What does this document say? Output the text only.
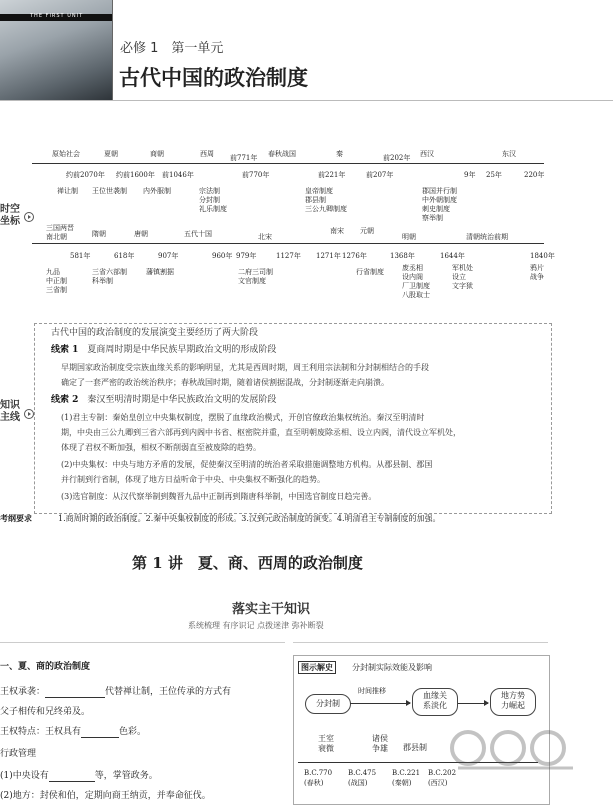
THE FIRST UNIT
必修 1　第一单元
古代中国的政治制度
时空
坐标
原始社会	夏朝	商朝	西周	春秋战国	秦	西汉	东汉
约前2070年 约前1600年 前1046年
前771年
前770年	前221年	前207年
前202年
9年 25年	220年
禅让制 王位世袭制 内外服制	宗法制
分封制
礼乐制度
皇帝制度
郡县制
三公九卿制度
郡国并行制
中外朝制度
刺史制度
察举制
三国两晋
南北朝	隋朝	唐朝	五代十国	北宋
南宋 元朝
明朝	清朝统治前期
581年	618年	907年	960年 979年	1127年 1271年 1276年	1368年	1644年	1840年
九品
中正制
三省制
三省六部制
科举制
藩镇割据	二府三司制
文官制度
行省制度	废丞相
设内阁
厂卫制度
八股取士
军机处
设立
文字狱
鸦片
战争
知识
主线
古代中国的政治制度的发展演变主要经历了两大阶段
线索 1　 夏商周时期是中华民族早期政治文明的形成阶段
早期国家政治制度受宗族血缘关系的影响明显，尤其是西周时期，周王利用宗法制和分封制相结合的手段
确定了一套严密的政治统治秩序；春秋战国时期，随着诸侯割据混战，分封制逐渐走向崩溃。
线索 2　 秦汉至明清时期是中华民族政治文明的发展阶段
(1)君主专制：秦始皇创立中央集权制度，摆脱了血缘政治模式，开创官僚政治集权统治。秦汉至明清时
期，中央由三公九卿到三省六部再到内阁中书省、枢密院并重，直至明朝废除丞相、设立内阁，清代设立军机处，
体现了君权不断加强，相权不断削弱直至被废除的趋势。
(2)中央集权：中央与地方矛盾的发展，促使秦汉至明清的统治者采取措施调整地方机构。从郡县制、郡国
并行制到行省制，体现了地方日益听命于中央、中央集权不断强化的趋势。
(3)选官制度：从汉代察举制到魏晋九品中正制再到隋唐科举制，中国选官制度日趋完善。
考纲要求	1.商周时期的政治制度。2.秦中央集权制度的形成。3.汉到元政治制度的演变。4.明清君主专制制度的加强。
第 1 讲　夏、商、西周的政治制度
落实主干知识
系统梳理 有序识记 点拨迷津 弥补断裂
一、夏、商的政治制度
王权承袭：	代替禅让制，王位传承的方式有
父子相传和兄终弟及。
王权特点：王权具有	色彩。
行政管理
(1)中央设有	等，掌管政务。
(2)地方：封侯和伯，定期向商王纳贡，并奉命征伐。
图示解史	分封制实际效能及影响
分封制
时间推移	血缘关
系淡化
地方势
力崛起
王室
衰微
诸侯
争雄 郡县制
B.C.770
(春秋)
B.C.475
(战国)
B.C.221
(秦朝)
B.C.202
(西汉)
